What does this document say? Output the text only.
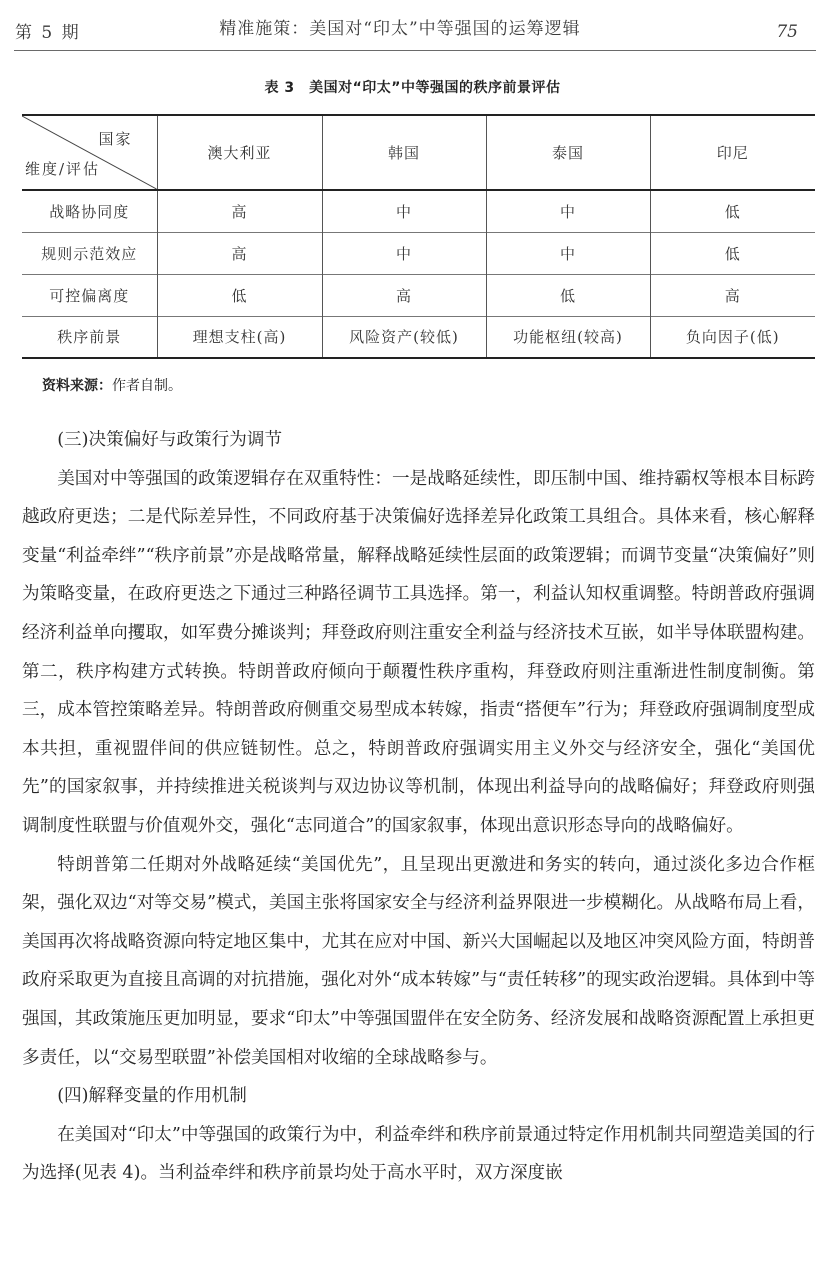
第 5 期	精准施策：美国对“印太”中等强国的运筹逻辑	75
表 3　美国对“印太”中等强国的秩序前景评估
国家
维度/评估	澳大利亚	韩国	泰国	印尼
战略协同度	高	中	中	低
规则示范效应	高	中	中	低
可控偏离度	低	高	低	高
秩序前景	理想支柱(高)	风险资产(较低)	功能枢纽(较高)	负向因子(低)
资料来源：作者自制。

(三)决策偏好与政策行为调节

美国对中等强国的政策逻辑存在双重特性：一是战略延续性，即压制中国、维持霸权等根本目标跨越政府更迭；二是代际差异性，不同政府基于决策偏好选择差异化政策工具组合。具体来看，核心解释变量“利益牵绊”“秩序前景”亦是战略常量，解释战略延续性层面的政策逻辑；而调节变量“决策偏好”则为策略变量，在政府更迭之下通过三种路径调节工具选择。第一，利益认知权重调整。特朗普政府强调经济利益单向攫取，如军费分摊谈判；拜登政府则注重安全利益与经济技术互嵌，如半导体联盟构建。第二，秩序构建方式转换。特朗普政府倾向于颠覆性秩序重构，拜登政府则注重渐进性制度制衡。第三，成本管控策略差异。特朗普政府侧重交易型成本转嫁，指责“搭便车”行为；拜登政府强调制度型成本共担，重视盟伴间的供应链韧性。总之，特朗普政府强调实用主义外交与经济安全，强化“美国优先”的国家叙事，并持续推进关税谈判与双边协议等机制，体现出利益导向的战略偏好；拜登政府则强调制度性联盟与价值观外交，强化“志同道合”的国家叙事，体现出意识形态导向的战略偏好。

特朗普第二任期对外战略延续“美国优先”，且呈现出更激进和务实的转向，通过淡化多边合作框架，强化双边“对等交易”模式，美国主张将国家安全与经济利益界限进一步模糊化。从战略布局上看，美国再次将战略资源向特定地区集中，尤其在应对中国、新兴大国崛起以及地区冲突风险方面，特朗普政府采取更为直接且高调的对抗措施，强化对外“成本转嫁”与“责任转移”的现实政治逻辑。具体到中等强国，其政策施压更加明显，要求“印太”中等强国盟伴在安全防务、经济发展和战略资源配置上承担更多责任，以“交易型联盟”补偿美国相对收缩的全球战略参与。

(四)解释变量的作用机制

在美国对“印太”中等强国的政策行为中，利益牵绊和秩序前景通过特定作用机制共同塑造美国的行为选择(见表 4)。当利益牵绊和秩序前景均处于高水平时，双方深度嵌
